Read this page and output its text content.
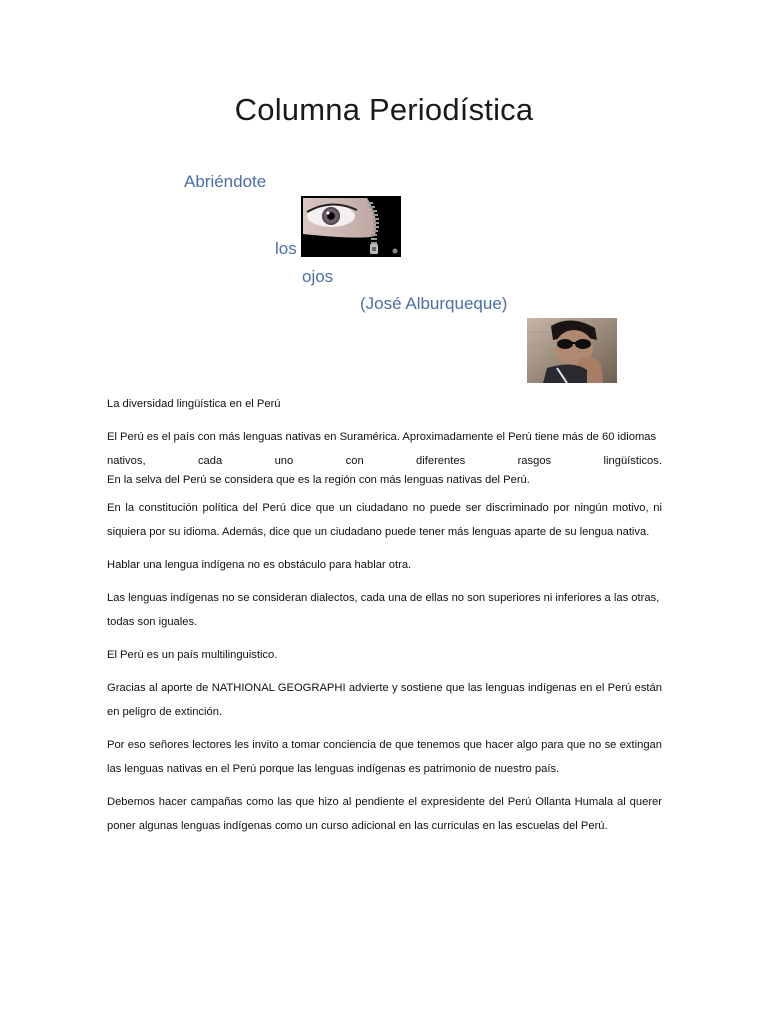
Columna Periodística
Abriéndote
los
ojos
(José Alburqueque)

La diversidad lingüística en el Perú

El Perú es el país con más lenguas nativas en Suramérica. Aproximadamente el Perú tiene más de 60 idiomas
nativos,	cada	uno	con	diferentes	rasgos	lingüísticos.
En la selva del Perú se considera que es la región con más lenguas nativas del Perú.

En la constitución política del Perú dice que un ciudadano no puede ser discriminado por ningún motivo, ni siquiera por su idioma. Además, dice que un ciudadano puede tener más lenguas aparte de su lengua nativa.

Hablar una lengua indígena no es obstáculo para hablar otra.

Las lenguas indígenas no se consideran dialectos, cada una de ellas no son superiores ni inferiores a las otras, todas son iguales.

El Perú es un país multilinguistico.

Gracias al aporte de NATHIONAL GEOGRAPHI advierte y sostiene que las lenguas indígenas en el Perú están en peligro de extinción.

Por eso señores lectores les invito a tomar conciencia de que tenemos que hacer algo para que no se extingan las lenguas nativas en el Perú porque las lenguas indígenas es patrimonio de nuestro país.

Debemos hacer campañas como las que hizo al pendiente el expresidente del Perú Ollanta Humala al querer poner algunas lenguas indígenas como un curso adicional en las curriculas en las escuelas del Perú.
